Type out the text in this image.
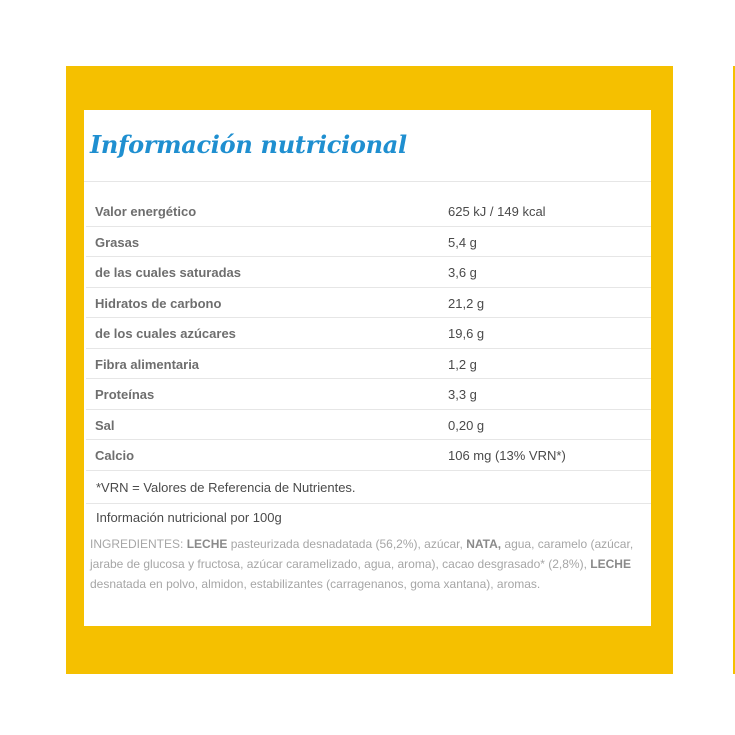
Información nutricional
Valor energético	625 kJ / 149 kcal
Grasas	5,4 g
de las cuales saturadas	3,6 g
Hidratos de carbono	21,2 g
de los cuales azúcares	19,6 g
Fibra alimentaria	1,2 g
Proteínas	3,3 g
Sal	0,20 g
Calcio	106 mg (13% VRN*)
*VRN = Valores de Referencia de Nutrientes.
Información nutricional por 100g
INGREDIENTES: LECHE pasteurizada desnadatada (56,2%), azúcar, NATA, agua, caramelo (azúcar, jarabe de glucosa y fructosa, azúcar caramelizado, agua, aroma), cacao desgrasado* (2,8%), LECHE desnatada en polvo, almidon, estabilizantes (carragenanos, goma xantana), aromas.
